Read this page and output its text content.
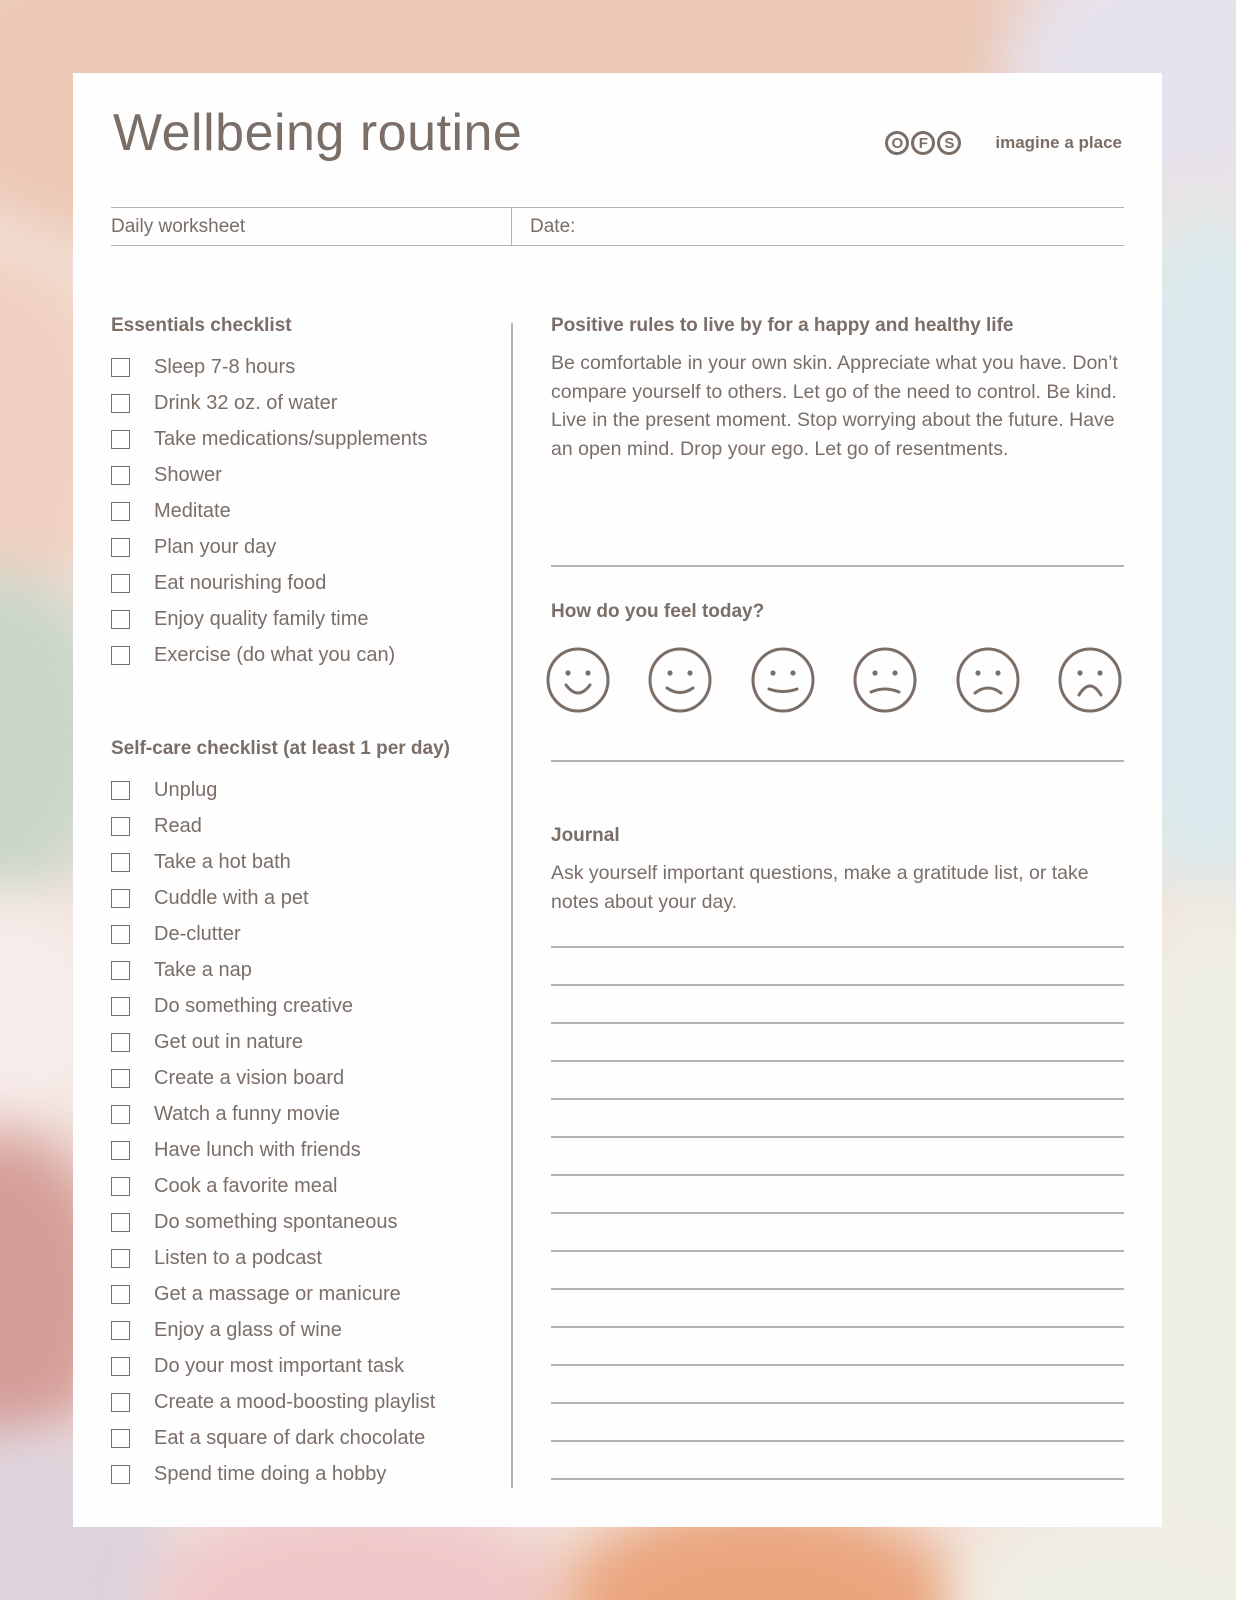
Wellbeing routine	O	F	S	imagine a place
Daily worksheet	Date:
Essentials checklist
Sleep 7-8 hours
Drink 32 oz. of water
Take medications/supplements
Shower
Meditate
Plan your day
Eat nourishing food
Enjoy quality family time
Exercise (do what you can)
Self-care checklist (at least 1 per day)
Unplug
Read
Take a hot bath
Cuddle with a pet
De-clutter
Take a nap
Do something creative
Get out in nature
Create a vision board
Watch a funny movie
Have lunch with friends
Cook a favorite meal
Do something spontaneous
Listen to a podcast
Get a massage or manicure
Enjoy a glass of wine
Do your most important task
Create a mood-boosting playlist
Eat a square of dark chocolate
Spend time doing a hobby
Positive rules to live by for a happy and healthy life

Be comfortable in your own skin. Appreciate what you have. Don’t compare yourself to others. Let go of the need to control. Be kind. Live in the present moment. Stop worrying about the future. Have an open mind. Drop your ego. Let go of resentments.

How do you feel today?
Journal

Ask yourself important questions, make a gratitude list, or take notes about your day.
